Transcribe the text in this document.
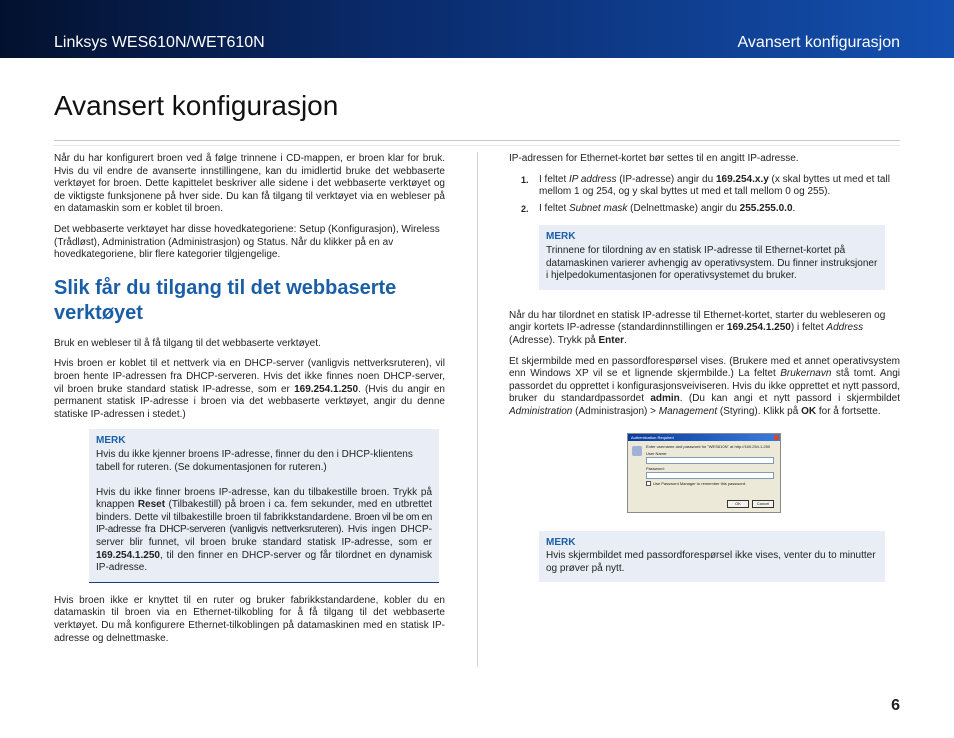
Linksys WES610N/WET610N	Avansert konfigurasjon
Avansert konfigurasjon

Når du har konfigurert broen ved å følge trinnene i CD-mappen, er broen klar for bruk. Hvis du vil endre de avanserte innstillingene, kan du imidlertid bruke det webbaserte verktøyet for broen. Dette kapittelet beskriver alle sidene i det webbaserte verktøyet og de viktigste funksjonene på hver side. Du kan få tilgang til verktøyet via en webleser på en datamaskin som er koblet til broen.

Det webbaserte verktøyet har disse hovedkategoriene: Setup (Konfigurasjon), Wireless (Trådløst), Administration (Administrasjon) og Status. Når du klikker på en av hovedkategoriene, blir flere kategorier tilgjengelige.

Slik får du tilgang til det webbaserte verktøyet

Bruk en webleser til å få tilgang til det webbaserte verktøyet.

Hvis broen er koblet til et nettverk via en DHCP-server (vanligvis nettverksruteren), vil broen hente IP-adressen fra DHCP-serveren. Hvis det ikke finnes noen DHCP-server, vil broen bruke standard statisk IP-adresse, som er 169.254.1.250. (Hvis du angir en permanent statisk IP-adresse i broen via det webbaserte verktøyet, angir du denne statiske IP-adressen i stedet.)

MERK

Hvis du ikke kjenner broens IP-adresse, finner du den i DHCP-klientens tabell for ruteren. (Se dokumentasjonen for ruteren.)

Hvis du ikke finner broens IP-adresse, kan du tilbakestille broen. Trykk på knappen Reset (Tilbakestill) på broen i ca. fem sekunder, med en utbrettet binders. Dette vil tilbakestille broen til fabrikkstandardene. Broen vil be om en IP-adresse fra DHCP-serveren (vanligvis nettverksruteren). Hvis ingen DHCP-server blir funnet, vil broen bruke standard statisk IP-adresse, som er 169.254.1.250, til den finner en DHCP-server og får tilordnet en dynamisk IP-adresse.

Hvis broen ikke er knyttet til en ruter og bruker fabrikkstandardene, kobler du en datamaskin til broen via en Ethernet-tilkobling for å få tilgang til det webbaserte verktøyet. Du må konfigurere Ethernet-tilkoblingen på datamaskinen med en statisk IP-adresse og delnettmaske.

IP-adressen for Ethernet-kortet bør settes til en angitt IP-adresse.

1. I feltet IP address (IP-adresse) angir du 169.254.x.y (x skal byttes ut med et tall mellom 1 og 254, og y skal byttes ut med et tall mellom 0 og 255).
2. I feltet Subnet mask (Delnettmaske) angir du 255.255.0.0.
MERK

Trinnene for tilordning av en statisk IP-adresse til Ethernet-kortet på datamaskinen varierer avhengig av operativsystem. Du finner instruksjoner i hjelpedokumentasjonen for operativsystemet du bruker.

Når du har tilordnet en statisk IP-adresse til Ethernet-kortet, starter du webleseren og angir kortets IP-adresse (standardinnstillingen er 169.254.1.250) i feltet Address (Adresse). Trykk på Enter.

Et skjermbilde med en passordforespørsel vises. (Brukere med et annet operativsystem enn Windows XP vil se et lignende skjermbilde.) La feltet Brukernavn stå tomt. Angi passordet du opprettet i konfigurasjonsveiviseren. Hvis du ikke opprettet et nytt passord, bruker du standardpassordet admin. (Du kan angi et nytt passord i skjermbildet Administration (Administrasjon) > Management (Styring). Klikk på OK for å fortsette.

Authentication Required
Enter username and password for "WES610N" at http://169.254.1.250
User Name:
Password:
Use Password Manager to remember this password.
OK	Cancel
MERK

Hvis skjermbildet med passordforespørsel ikke vises, venter du to minutter og prøver på nytt.

6
